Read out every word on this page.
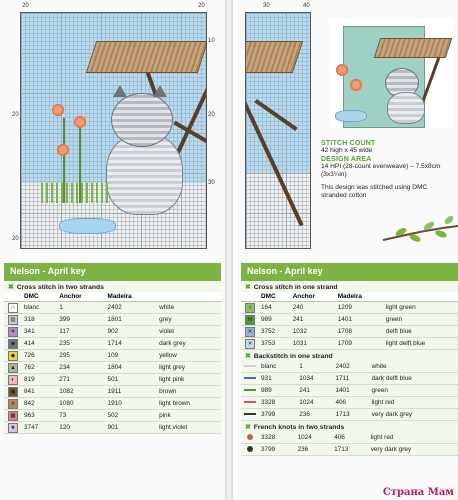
20	20
10
20
30
20
20
Nelson - April key
✖ Cross stitch in two strands
	DMC	Anchor	Madeira	
∩	blanc	1	2402	white
▨	318	399	1801	grey
✦	341	117	902	violet
■	414	235	1714	dark grey
◆	726	295	109	yellow
▲	762	234	1804	light grey
◐	819	271	501	light pink
▣	841	1082	1911	brown
b	842	1080	1910	light brown
▩	963	73	502	pink
★	3747	120	901	light violet
30	40
STITCH COUNT
42 high x 45 wide
DESIGN AREA
14 HPI (28-count evenweave) – 7.5x8cm (3x3¼in)
This design was stitched using DMC stranded cotton
Nelson - April key
✖ Cross stitch in one strand
	DMC	Anchor	Madeira	
I	164	240	1209	light green
N	989	241	1401	green
✕	3752	1032	1708	delft blue
✕	3753	1031	1709	light delft blue
✖ Backstitch in one strand
	blanc	1	2402	white
	931	1034	1711	dark delft blue
	989	241	1401	green
	3328	1024	406	light red
	3799	236	1713	very dark grey
✖ French knots in two strands
	3328	1024	406	light red
	3799	236	1713	very dark grey
Страна Мам
